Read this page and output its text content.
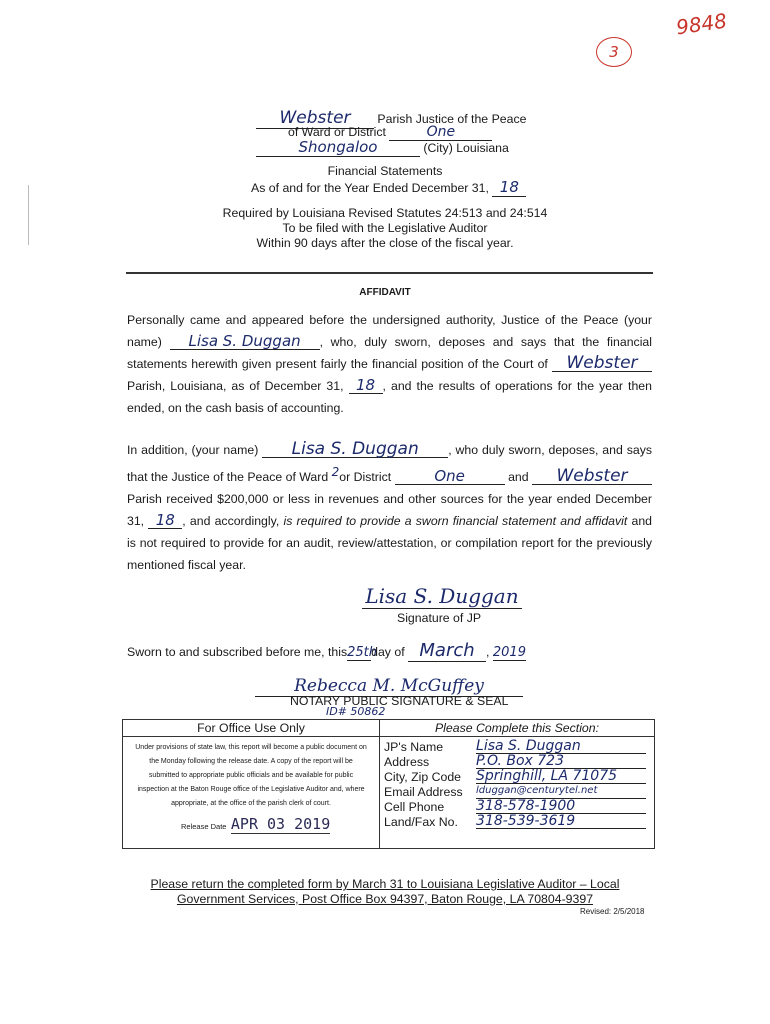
9848
3
Webster Parish Justice of the Peace
of Ward or District	One
Shongaloo	(City) Louisiana
Financial Statements
As of and for the Year Ended December 31, 18
Required by Louisiana Revised Statutes 24:513 and 24:514
To be filed with the Legislative Auditor
Within 90 days after the close of the fiscal year.
AFFIDAVIT

Personally came and appeared before the undersigned authority, Justice of the Peace (your name) Lisa S. Duggan , who, duly sworn, deposes and says that the financial statements herewith given present fairly the financial position of the Court of Webster Parish, Louisiana, as of December 31, 18 , and the results of operations for the year then ended, on the cash basis of accounting.

In addition, (your name) Lisa S. Duggan , who duly sworn, deposes, and says that the Justice of the Peace of Ward $^2$or District	One	and Webster Parish received $200,000 or less in revenues and other sources for the year ended December 31, 18 , and accordingly, is required to provide a sworn financial statement and affidavit and is not required to provide for an audit, review/attestation, or compilation report for the previously mentioned fiscal year.

Lisa S. Duggan
Signature of JP
Sworn to and subscribed before me, this25thday of March , 2019
Rebecca M. McGuffey
NOTARY PUBLIC SIGNATURE & SEAL
ID# 50862
For Office Use Only
Under provisions of state law, this report will become a public document on the Monday following the release date. A copy of the report will be submitted to appropriate public officials and be available for public inspection at the Baton Rouge office of the Legislative Auditor and, where appropriate, at the office of the parish clerk of court.
Release Date APR 03 2019

Please Complete this Section:
JP's Name	Lisa S. Duggan
Address	P.O. Box 723
City, Zip Code	Springhill, LA 71075
Email Address	lduggan@centurytel.net
Cell Phone	318-578-1900
Land/Fax No.	318-539-3619
Please return the completed form by March 31 to Louisiana Legislative Auditor – Local
Government Services, Post Office Box 94397, Baton Rouge, LA 70804-9397
Revised: 2/5/2018
